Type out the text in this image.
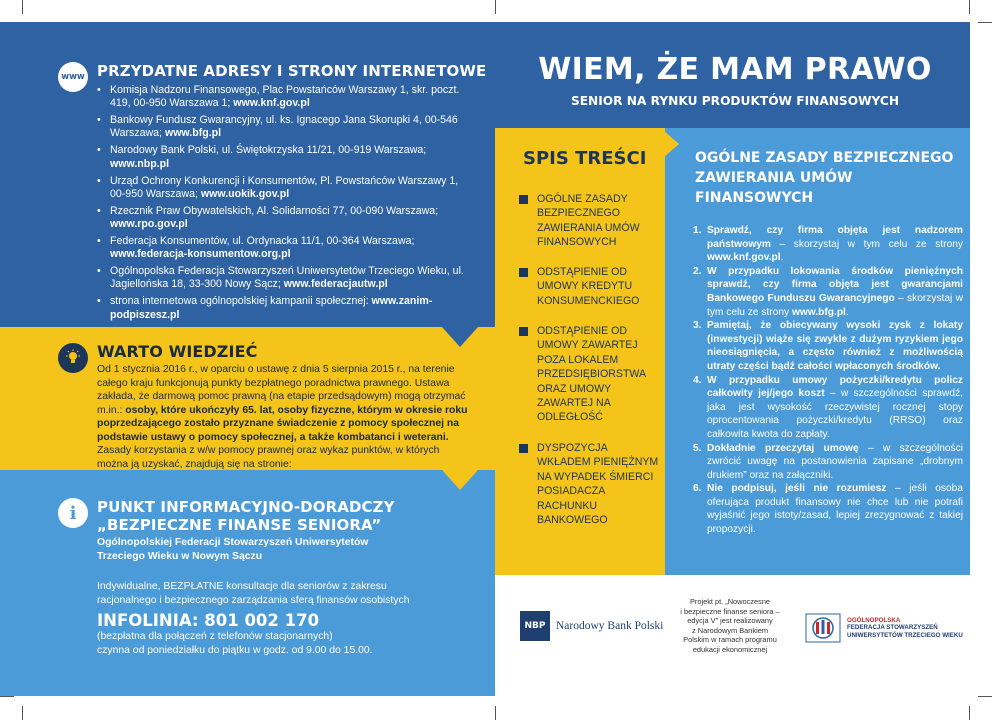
www PRZYDATNE ADRESY I STRONY INTERNETOWE
• Komisja Nadzoru Finansowego, Plac Powstańców Warszawy 1, skr. poczt. 419, 00-950 Warszawa 1; www.knf.gov.pl
• Bankowy Fundusz Gwarancyjny, ul. ks. Ignacego Jana Skorupki 4, 00-546 Warszawa; www.bfg.pl
• Narodowy Bank Polski, ul. Świętokrzyska 11/21, 00-919 Warszawa; www.nbp.pl
• Urząd Ochrony Konkurencji i Konsumentów, Pl. Powstańców Warszawy 1, 00-950 Warszawa; www.uokik.gov.pl
• Rzecznik Praw Obywatelskich, Al. Solidarności 77, 00-090 Warszawa; www.rpo.gov.pl
• Federacja Konsumentów, ul. Ordynacka 11/1, 00-364 Warszawa; www.federacja-konsumentow.org.pl
• Ogólnopolska Federacja Stowarzyszeń Uniwersytetów Trzeciego Wieku, ul. Jagiellońska 18, 33-300 Nowy Sącz; www.federacjautw.pl
• strona internetowa ogólnopolskiej kampanii społecznej: www.zanim-podpiszesz.pl
WARTO WIEDZIEĆ
Od 1 stycznia 2016 r., w oparciu o ustawę z dnia 5 sierpnia 2015 r., na terenie całego kraju funkcjonują punkty bezpłatnego poradnictwa prawnego. Ustawa zakłada, że darmową pomoc prawną (na etapie przedsądowym) mogą otrzymać m.in.: osoby, które ukończyły 65. lat, osoby fizyczne, którym w okresie roku poprzedzającego zostało przyznane świadczenie z pomocy społecznej na podstawie ustawy o pomocy społecznej, a także kombatanci i weterani.
Zasady korzystania z w/w pomocy prawnej oraz wykaz punktów, w których można ją uzyskać, znajdują się na stronie:
i PUNKT INFORMACYJNO-DORADCZY
„BEZPIECZNE FINANSE SENIORA”
Ogólnopolskiej Federacji Stowarzyszeń Uniwersytetów
Trzeciego Wieku w Nowym Sączu
Indywidualne, BEZPŁATNE konsultacje dla seniorów z zakresu racjonalnego i bezpiecznego zarządzania sferą finansów osobistych
INFOLINIA: 801 002 170
(bezpłatna dla połączeń z telefonów stacjonarnych)
czynna od poniedziałku do piątku w godz. od 9.00 do 15.00.
WIEM, ŻE MAM PRAWO
SENIOR NA RYNKU PRODUKTÓW FINANSOWYCH
SPIS TREŚCI
OGÓLNE ZASADY BEZPIECZNEGO ZAWIERANIA UMÓW FINANSOWYCH
ODSTĄPIENIE OD UMOWY KREDYTU KONSUMENCKIEGO
ODSTĄPIENIE OD UMOWY ZAWARTEJ POZA LOKALEM PRZEDSIĘBIORSTWA ORAZ UMOWY ZAWARTEJ NA ODLEGŁOŚĆ
DYSPOZYCJA WKŁADEM PIENIĘŻNYM NA WYPADEK ŚMIERCI POSIADACZA RACHUNKU BANKOWEGO
OGÓLNE ZASADY BEZPIECZNEGO ZAWIERANIA UMÓW FINANSOWYCH
1. Sprawdź, czy firma objęta jest nadzorem państwowym – skorzystaj w tym celu ze strony www.knf.gov.pl.
2. W przypadku lokowania środków pieniężnych sprawdź, czy firma objęta jest gwarancjami Bankowego Funduszu Gwarancyjnego – skorzystaj w tym celu ze strony www.bfg.pl.
3. Pamiętaj, że obiecywany wysoki zysk z lokaty (inwestycji) wiąże się zwykle z dużym ryzykiem jego nieosiągnięcia, a często również z możliwością utraty części bądź całości wpłaconych środków.
4. W przypadku umowy pożyczki/kredytu policz całkowity jej/jego koszt – w szczególności sprawdź, jaka jest wysokość rzeczywistej rocznej stopy oprocentowania pożyczki/kredytu (RRSO) oraz całkowita kwota do zapłaty.
5. Dokładnie przeczytaj umowę – w szczególności zwrócić uwagę na postanowienia zapisane „drobnym drukiem” oraz na załączniki.
6. Nie podpisuj, jeśli nie rozumiesz – jeśli osoba oferująca produkt finansowy nie chce lub nie potrafi wyjaśnić jego istoty/zasad, lepiej zrezygnować z takiej propozycji.
NBP Narodowy Bank Polski
Projekt pt. „Nowoczesne
i bezpieczne finanse seniora –
edycja V” jest realizowany
z Narodowym Bankiem
Polskim w ramach programu
edukacji ekonomicznej
OGÓLNOPOLSKA
FEDERACJA STOWARZYSZEŃ
UNIWERSYTETÓW TRZECIEGO WIEKU
